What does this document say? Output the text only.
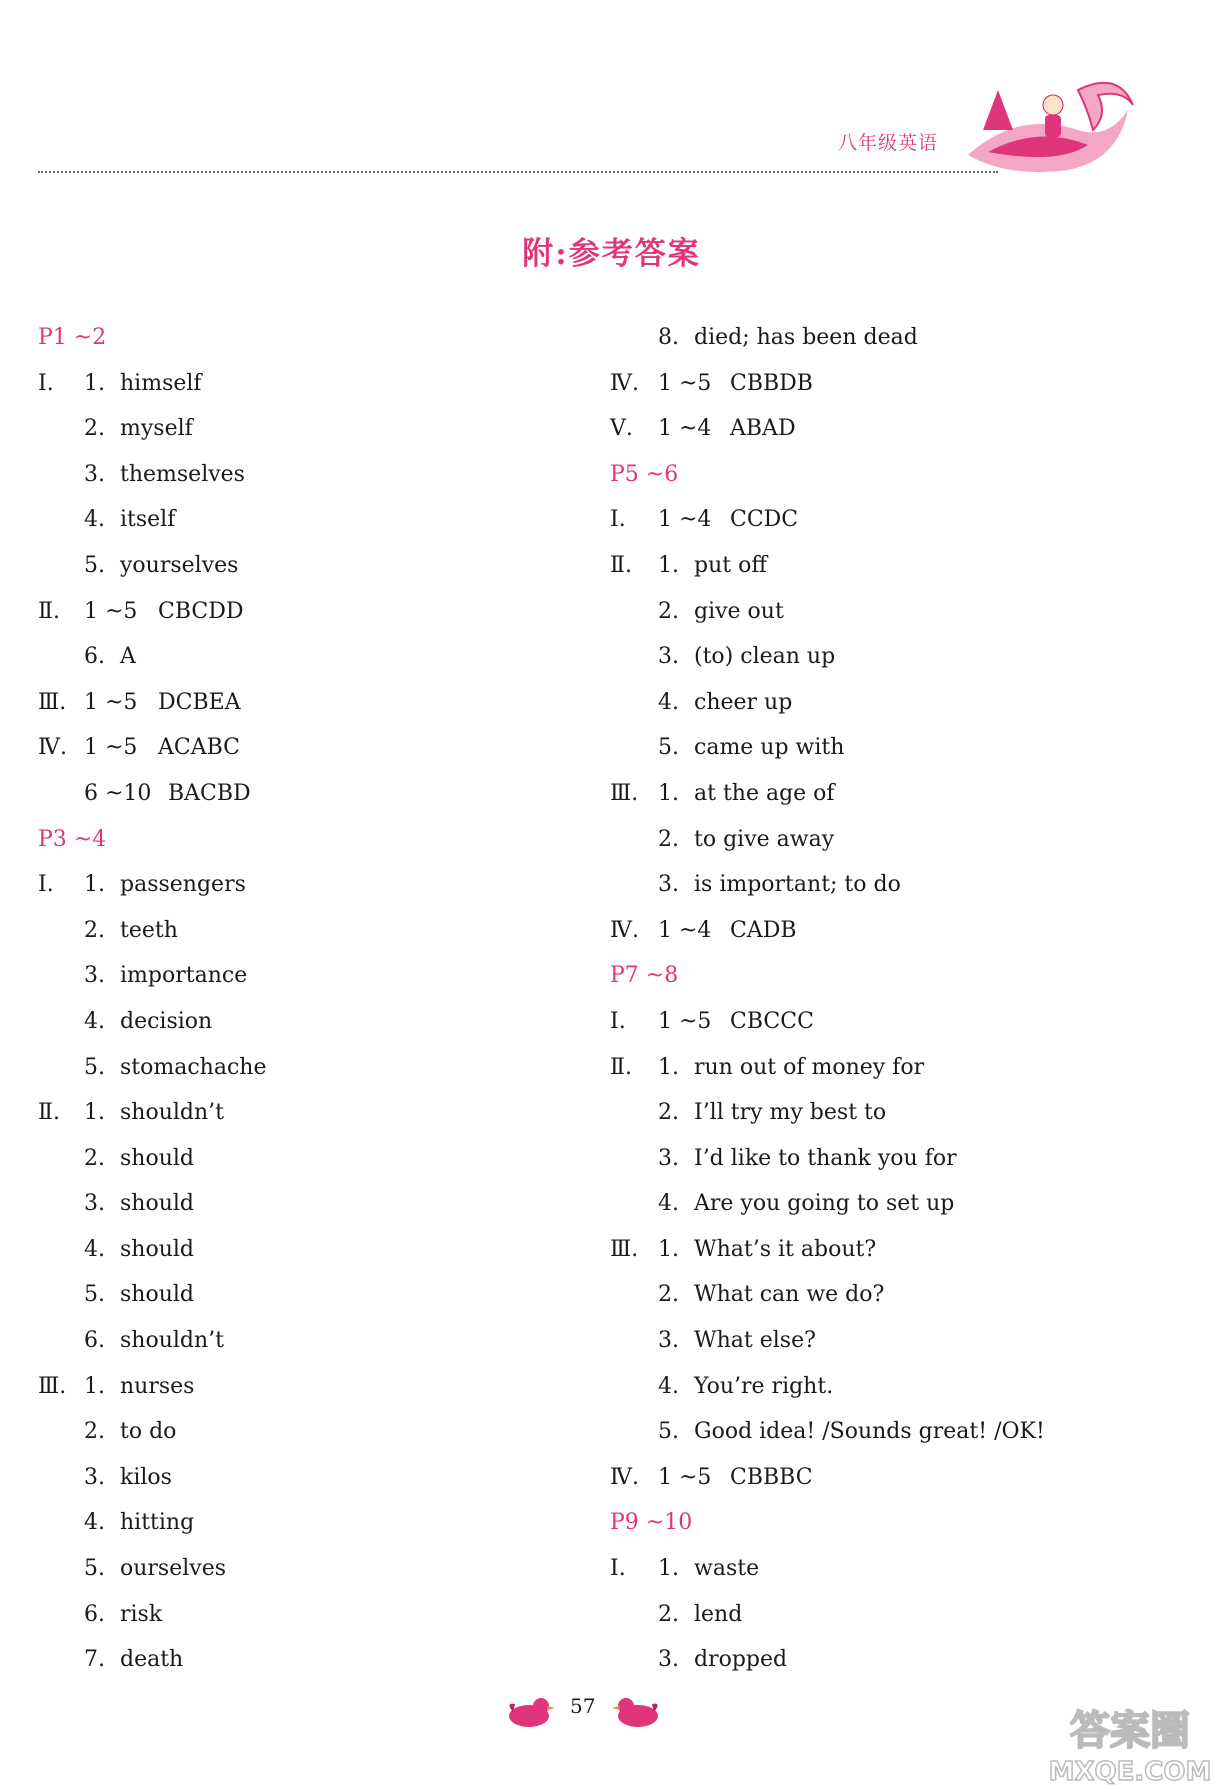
八年级英语
附:参考答案
P1 ~2
Ⅰ. 1. himself
2. myself
3. themselves
4. itself
5. yourselves
Ⅱ. 1 ~5 CBCDD
6. A
Ⅲ. 1 ~5 DCBEA
Ⅳ. 1 ~5 ACABC
6 ~10 BACBD
P3 ~4
Ⅰ. 1. passengers
2. teeth
3. importance
4. decision
5. stomachache
Ⅱ. 1. shouldn’t
2. should
3. should
4. should
5. should
6. shouldn’t
Ⅲ. 1. nurses
2. to do
3. kilos
4. hitting
5. ourselves
6. risk
7. death
8. died; has been dead
Ⅳ. 1 ~5 CBBDB
Ⅴ. 1 ~4 ABAD
P5 ~6
Ⅰ. 1 ~4 CCDC
Ⅱ. 1. put off
2. give out
3. (to) clean up
4. cheer up
5. came up with
Ⅲ. 1. at the age of
2. to give away
3. is important; to do
Ⅳ. 1 ~4 CADB
P7 ~8
Ⅰ. 1 ~5 CBCCC
Ⅱ. 1. run out of money for
2. I’ll try my best to
3. I’d like to thank you for
4. Are you going to set up
Ⅲ. 1. What’s it about?
2. What can we do?
3. What else?
4. You’re right.
5. Good idea! /Sounds great! /OK!
Ⅳ. 1 ~5 CBBBC
P9 ~10
Ⅰ. 1. waste
2. lend
3. dropped
57
答案圈
MXQE.COM
